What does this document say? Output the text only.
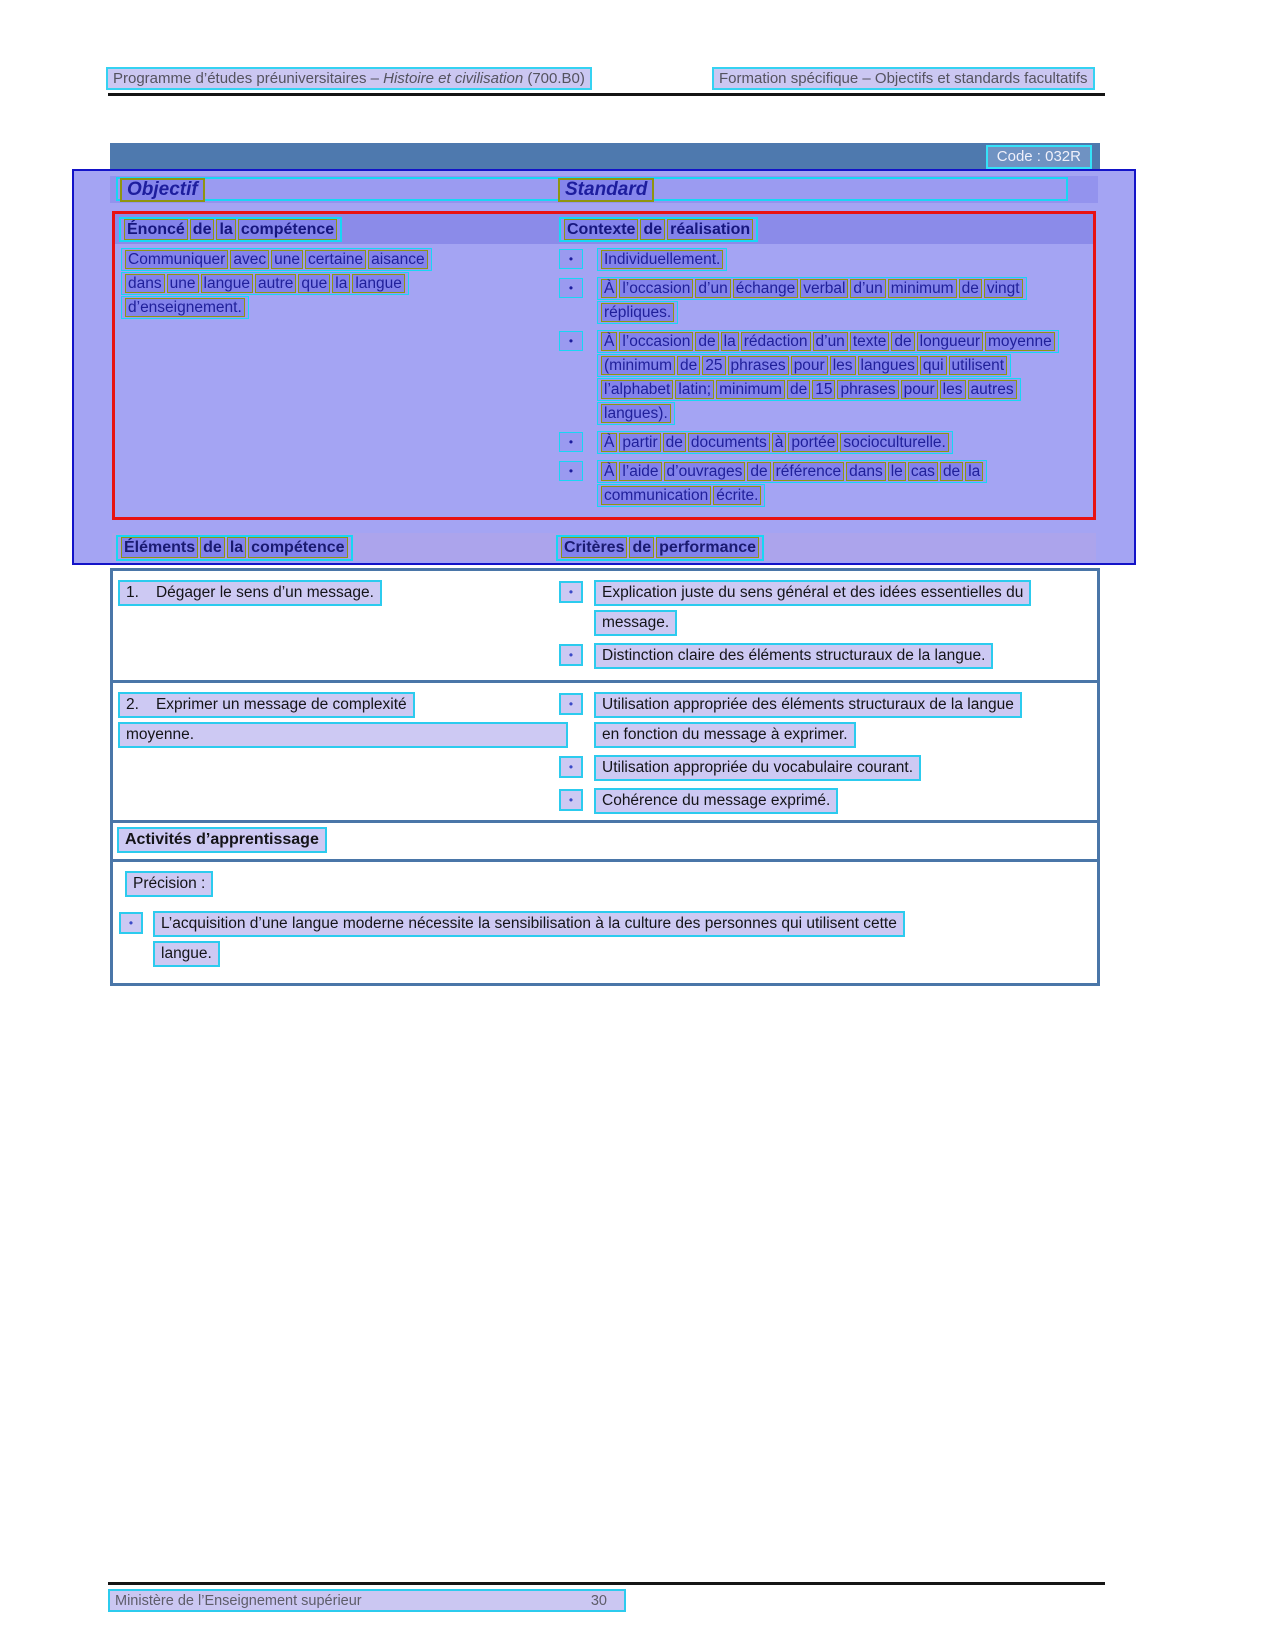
Programme d’études préuniversitaires – Histoire et civilisation (700.B0)	Formation spécifique – Objectifs et standards facultatifs
Code : 032R
Objectif	Standard
Énoncé de la compétence	Contexte de réalisation
Communiquer avec une certaine aisance
dans une langue autre que la langue
d’enseignement.
•	Individuellement.
•	À l’occasion d’un échange verbal d’un minimum de vingt
répliques.
•	À l’occasion de la rédaction d’un texte de longueur moyenne
(minimum de 25 phrases pour les langues qui utilisent
l’alphabet latin; minimum de 15 phrases pour les autres
langues).
•	À partir de documents à portée socioculturelle.
•	À l’aide d’ouvrages de référence dans le cas de la
communication écrite.
Éléments de la compétence	Critères de performance
1. Dégager le sens d’un message.	•	Explication juste du sens général et des idées essentielles du
message.
•	Distinction claire des éléments structuraux de la langue.
2. Exprimer un message de complexité
moyenne.
•	Utilisation appropriée des éléments structuraux de la langue
en fonction du message à exprimer.
•	Utilisation appropriée du vocabulaire courant.
•	Cohérence du message exprimé.
Activités d’apprentissage
Précision :
•	L’acquisition d’une langue moderne nécessite la sensibilisation à la culture des personnes qui utilisent cette
langue.
Ministère de l’Enseignement supérieur	30
